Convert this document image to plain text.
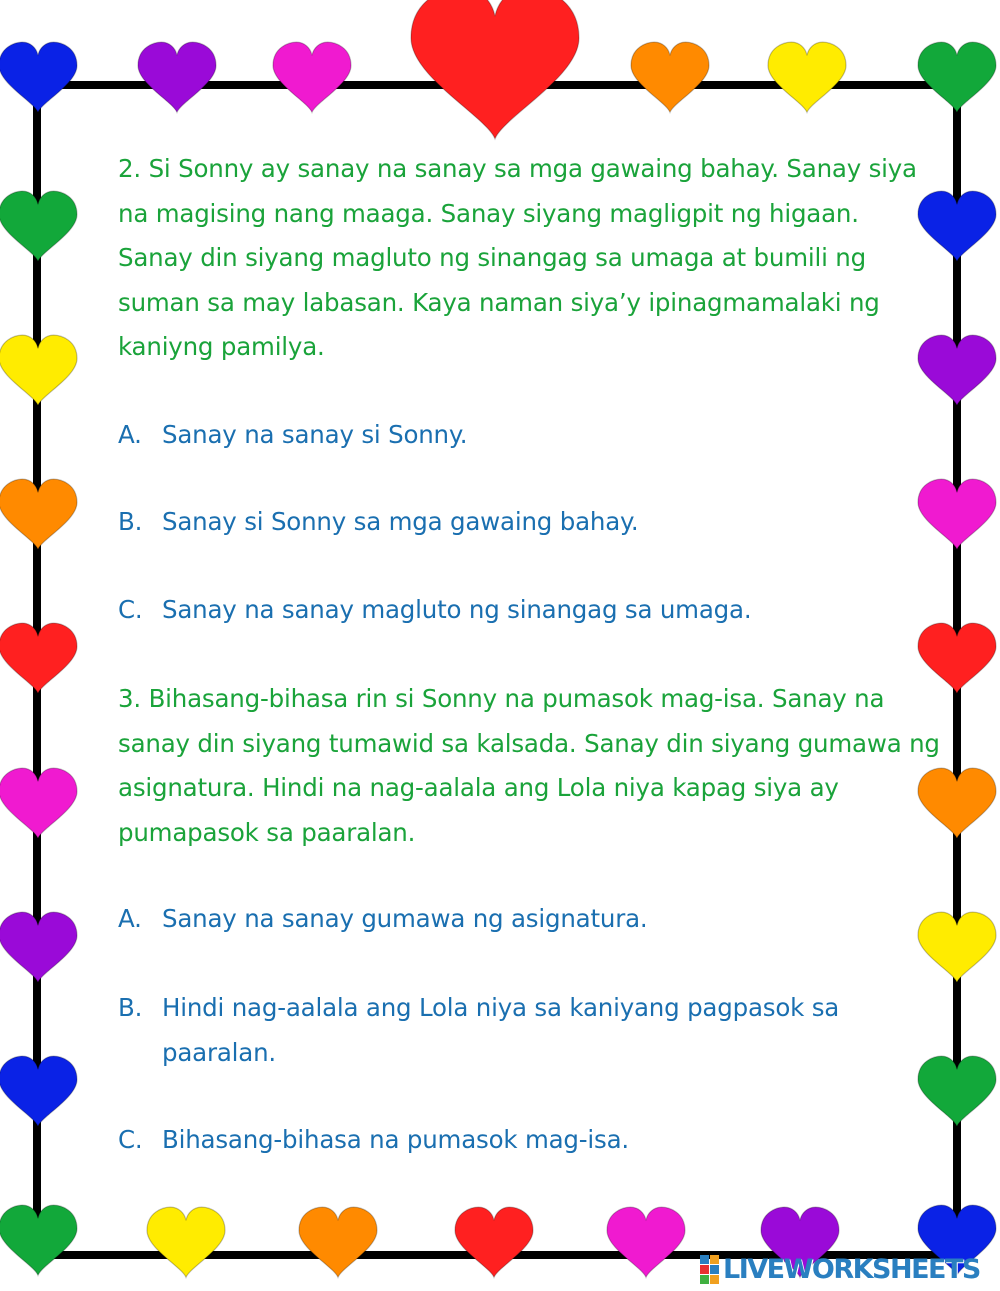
2. Si Sonny ay sanay na sanay sa mga gawaing bahay. Sanay siya na magising nang maaga. Sanay siyang magligpit ng higaan. Sanay din siyang magluto ng sinangag sa umaga at bumili ng suman sa may labasan. Kaya naman siya’y ipinagmamalaki ng kaniyng pamilya.

A. Sanay na sanay si Sonny.

B. Sanay si Sonny sa mga gawaing bahay.

C. Sanay na sanay magluto ng sinangag sa umaga.

3. Bihasang-bihasa rin si Sonny na pumasok mag-isa. Sanay na sanay din siyang tumawid sa kalsada. Sanay din siyang gumawa ng asignatura. Hindi na nag-aalala ang Lola niya kapag siya ay pumapasok sa paaralan.

A. Sanay na sanay gumawa ng asignatura.

B. Hindi nag-aalala ang Lola niya sa kaniyang pagpasok sa paaralan.

C. Bihasang-bihasa na pumasok mag-isa.

LIVEWORKSHEETS
